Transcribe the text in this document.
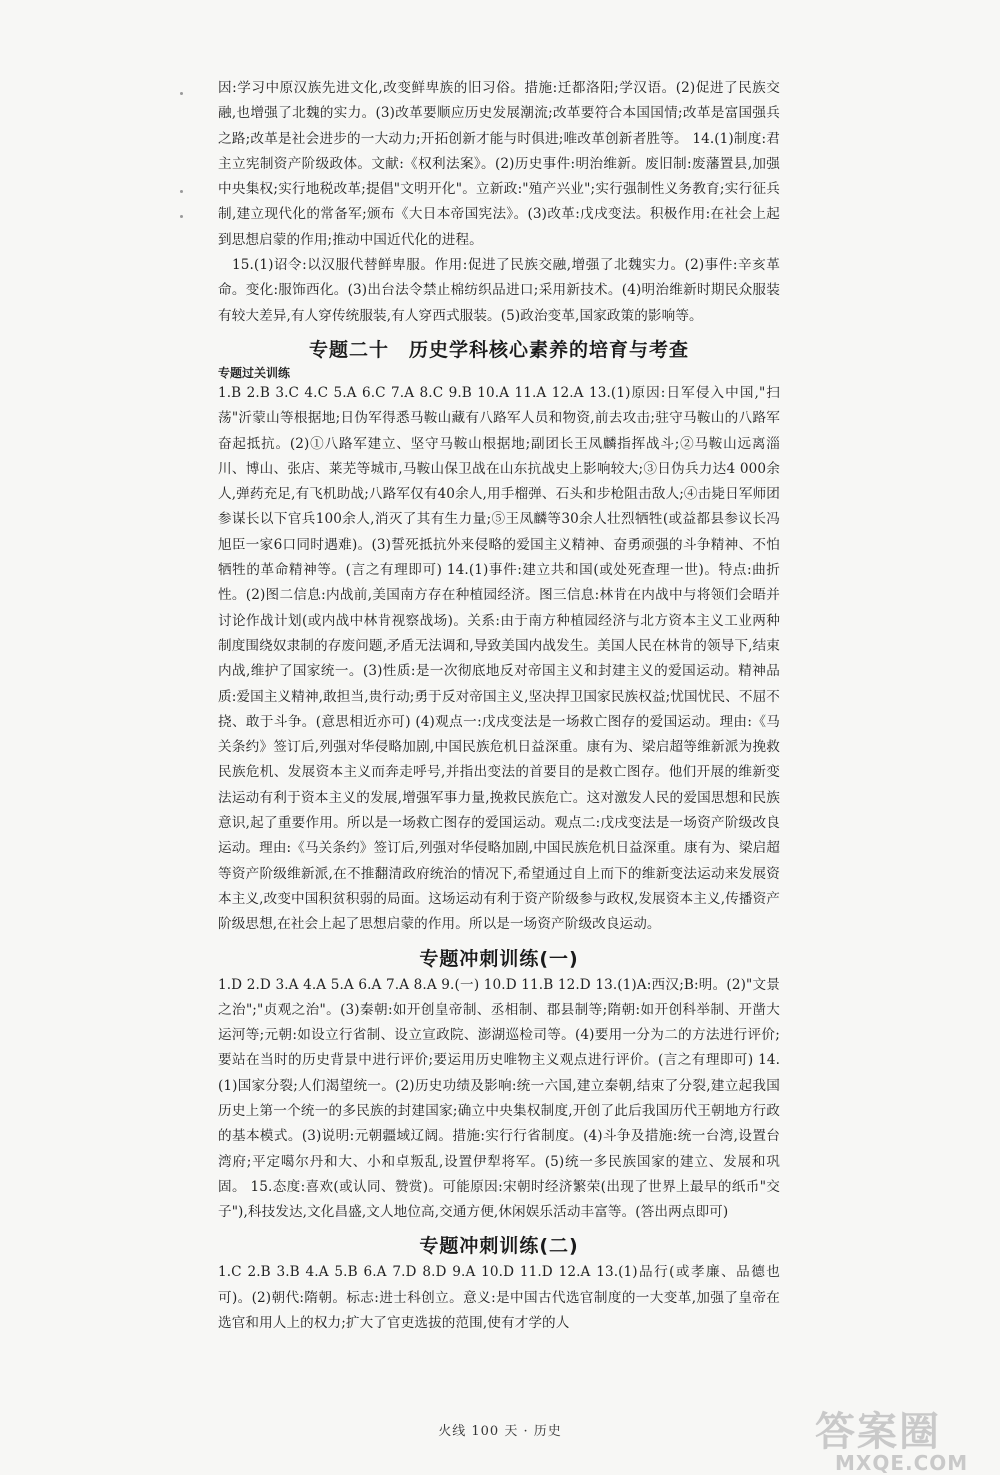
因:学习中原汉族先进文化,改变鲜卑族的旧习俗。措施:迁都洛阳;学汉语。(2)促进了民族交融,也增强了北魏的实力。(3)改革要顺应历史发展潮流;改革要符合本国国情;改革是富国强兵之路;改革是社会进步的一大动力;开拓创新才能与时俱进;唯改革创新者胜等。 14.(1)制度:君主立宪制资产阶级政体。文献:《权利法案》。(2)历史事件:明治维新。废旧制:废藩置县,加强中央集权;实行地税改革;提倡"文明开化"。立新政:"殖产兴业";实行强制性义务教育;实行征兵制,建立现代化的常备军;颁布《大日本帝国宪法》。(3)改革:戊戌变法。积极作用:在社会上起到思想启蒙的作用;推动中国近代化的进程。

15.(1)诏令:以汉服代替鲜卑服。作用:促进了民族交融,增强了北魏实力。(2)事件:辛亥革命。变化:服饰西化。(3)出台法令禁止棉纺织品进口;采用新技术。(4)明治维新时期民众服装有较大差异,有人穿传统服装,有人穿西式服装。(5)政治变革,国家政策的影响等。

专题二十　历史学科核心素养的培育与考查
专题过关训练

1.B 2.B 3.C 4.C 5.A 6.C 7.A 8.C 9.B 10.A 11.A 12.A 13.(1)原因:日军侵入中国,"扫荡"沂蒙山等根据地;日伪军得悉马鞍山藏有八路军人员和物资,前去攻击;驻守马鞍山的八路军奋起抵抗。(2)①八路军建立、坚守马鞍山根据地;副团长王凤麟指挥战斗;②马鞍山远离淄川、博山、张店、莱芜等城市,马鞍山保卫战在山东抗战史上影响较大;③日伪兵力达4 000余人,弹药充足,有飞机助战;八路军仅有40余人,用手榴弹、石头和步枪阻击敌人;④击毙日军师团参谋长以下官兵100余人,消灭了其有生力量;⑤王凤麟等30余人壮烈牺牲(或益都县参议长冯旭臣一家6口同时遇难)。(3)誓死抵抗外来侵略的爱国主义精神、奋勇顽强的斗争精神、不怕牺牲的革命精神等。(言之有理即可) 14.(1)事件:建立共和国(或处死查理一世)。特点:曲折性。(2)图二信息:内战前,美国南方存在种植园经济。图三信息:林肯在内战中与将领们会晤并讨论作战计划(或内战中林肯视察战场)。关系:由于南方种植园经济与北方资本主义工业两种制度围绕奴隶制的存废问题,矛盾无法调和,导致美国内战发生。美国人民在林肯的领导下,结束内战,维护了国家统一。(3)性质:是一次彻底地反对帝国主义和封建主义的爱国运动。精神品质:爱国主义精神,敢担当,贵行动;勇于反对帝国主义,坚决捍卫国家民族权益;忧国忧民、不屈不挠、敢于斗争。(意思相近亦可) (4)观点一:戊戌变法是一场救亡图存的爱国运动。理由:《马关条约》签订后,列强对华侵略加剧,中国民族危机日益深重。康有为、梁启超等维新派为挽救民族危机、发展资本主义而奔走呼号,并指出变法的首要目的是救亡图存。他们开展的维新变法运动有利于资本主义的发展,增强军事力量,挽救民族危亡。这对激发人民的爱国思想和民族意识,起了重要作用。所以是一场救亡图存的爱国运动。观点二:戊戌变法是一场资产阶级改良运动。理由:《马关条约》签订后,列强对华侵略加剧,中国民族危机日益深重。康有为、梁启超等资产阶级维新派,在不推翻清政府统治的情况下,希望通过自上而下的维新变法运动来发展资本主义,改变中国积贫积弱的局面。这场运动有利于资产阶级参与政权,发展资本主义,传播资产阶级思想,在社会上起了思想启蒙的作用。所以是一场资产阶级改良运动。

专题冲刺训练(一)

1.D 2.D 3.A 4.A 5.A 6.A 7.A 8.A 9.(一) 10.D 11.B 12.D 13.(1)A:西汉;B:明。(2)"文景之治";"贞观之治"。(3)秦朝:如开创皇帝制、丞相制、郡县制等;隋朝:如开创科举制、开凿大运河等;元朝:如设立行省制、设立宣政院、澎湖巡检司等。(4)要用一分为二的方法进行评价;要站在当时的历史背景中进行评价;要运用历史唯物主义观点进行评价。(言之有理即可) 14.(1)国家分裂;人们渴望统一。(2)历史功绩及影响:统一六国,建立秦朝,结束了分裂,建立起我国历史上第一个统一的多民族的封建国家;确立中央集权制度,开创了此后我国历代王朝地方行政的基本模式。(3)说明:元朝疆域辽阔。措施:实行行省制度。(4)斗争及措施:统一台湾,设置台湾府;平定噶尔丹和大、小和卓叛乱,设置伊犁将军。(5)统一多民族国家的建立、发展和巩固。 15.态度:喜欢(或认同、赞赏)。可能原因:宋朝时经济繁荣(出现了世界上最早的纸币"交子"),科技发达,文化昌盛,文人地位高,交通方便,休闲娱乐活动丰富等。(答出两点即可)

专题冲刺训练(二)

1.C 2.B 3.B 4.A 5.B 6.A 7.D 8.D 9.A 10.D 11.D 12.A 13.(1)品行(或孝廉、品德也可)。(2)朝代:隋朝。标志:进士科创立。意义:是中国古代选官制度的一大变革,加强了皇帝在选官和用人上的权力;扩大了官吏选拔的范围,使有才学的人

火线 100 天 · 历史	答案圈
MXQE.COM
